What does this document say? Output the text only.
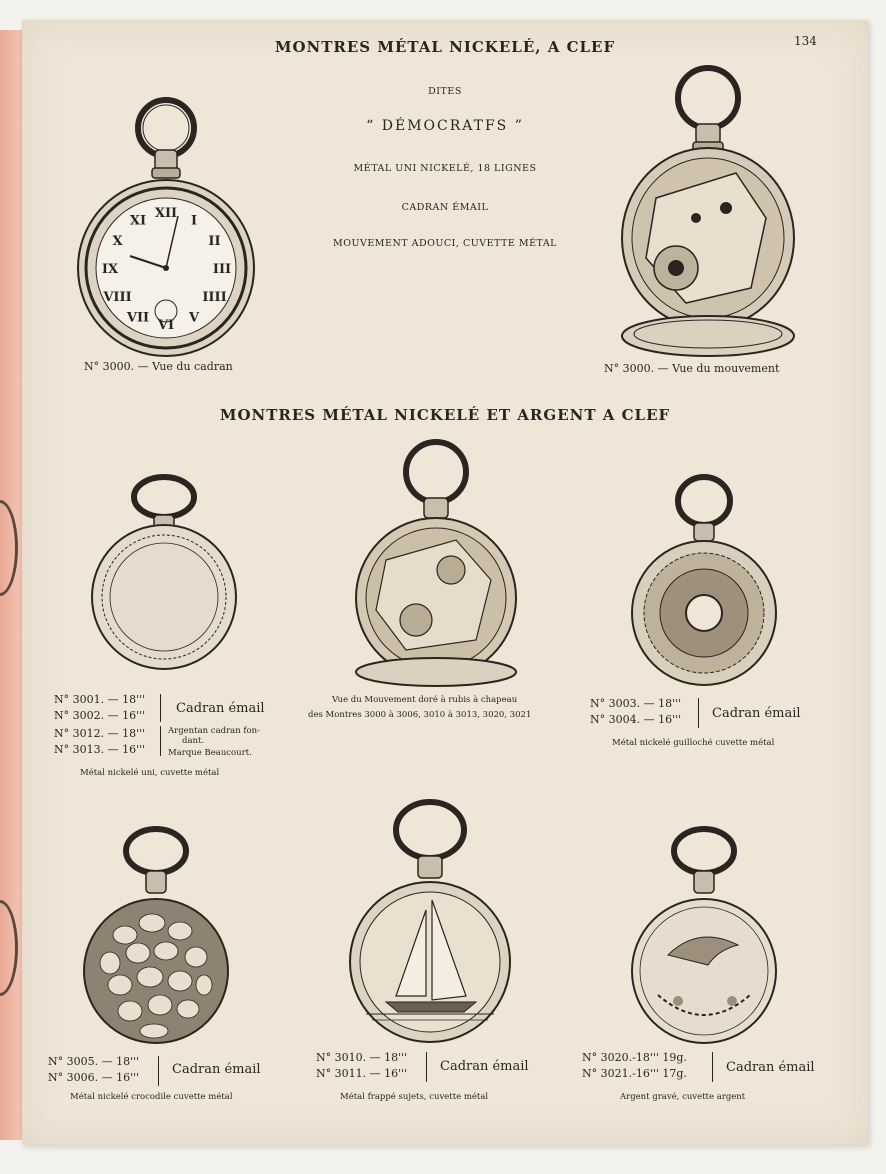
134
MONTRES MÉTAL NICKELÉ, A CLEF
DITES
“ DÉMOCRATFS ”
MÉTAL UNI NICKELÉ, 18 LIGNES
CADRAN ÉMAIL
MOUVEMENT ADOUCI, CUVETTE MÉTAL
XII I
II
III
IIII
V
VI
VII
VIII
IX
X
XI
N° 3000. — Vue du cadran	N° 3000. — Vue du mouvement
MONTRES MÉTAL NICKELÉ ET ARGENT A CLEF
N° 3001. — 18'''
N° 3002. — 16'''
N° 3012. — 18'''
N° 3013. — 16'''
Cadran émail
Argentan cadran fon-
dant.
Marque Beaucourt.
Métal nickelé uni, cuvette métal
Vue du Mouvement doré à rubis à chapeau
des Montres 3000 à 3006, 3010 à 3013, 3020, 3021
N° 3003. — 18'''
N° 3004. — 16''' Cadran émail
Métal nickelé guilloché cuvette métal
N° 3005. — 18'''
N° 3006. — 16'''
Cadran émail
Métal nickelé crocodile cuvette métal
N° 3010. — 18'''
N° 3011. — 16'''	Cadran émail
Métal frappé sujets, cuvette métal
N° 3020.-18''' 19g.
N° 3021.-16''' 17g.	Cadran émail
Argent gravé, cuvette argent
